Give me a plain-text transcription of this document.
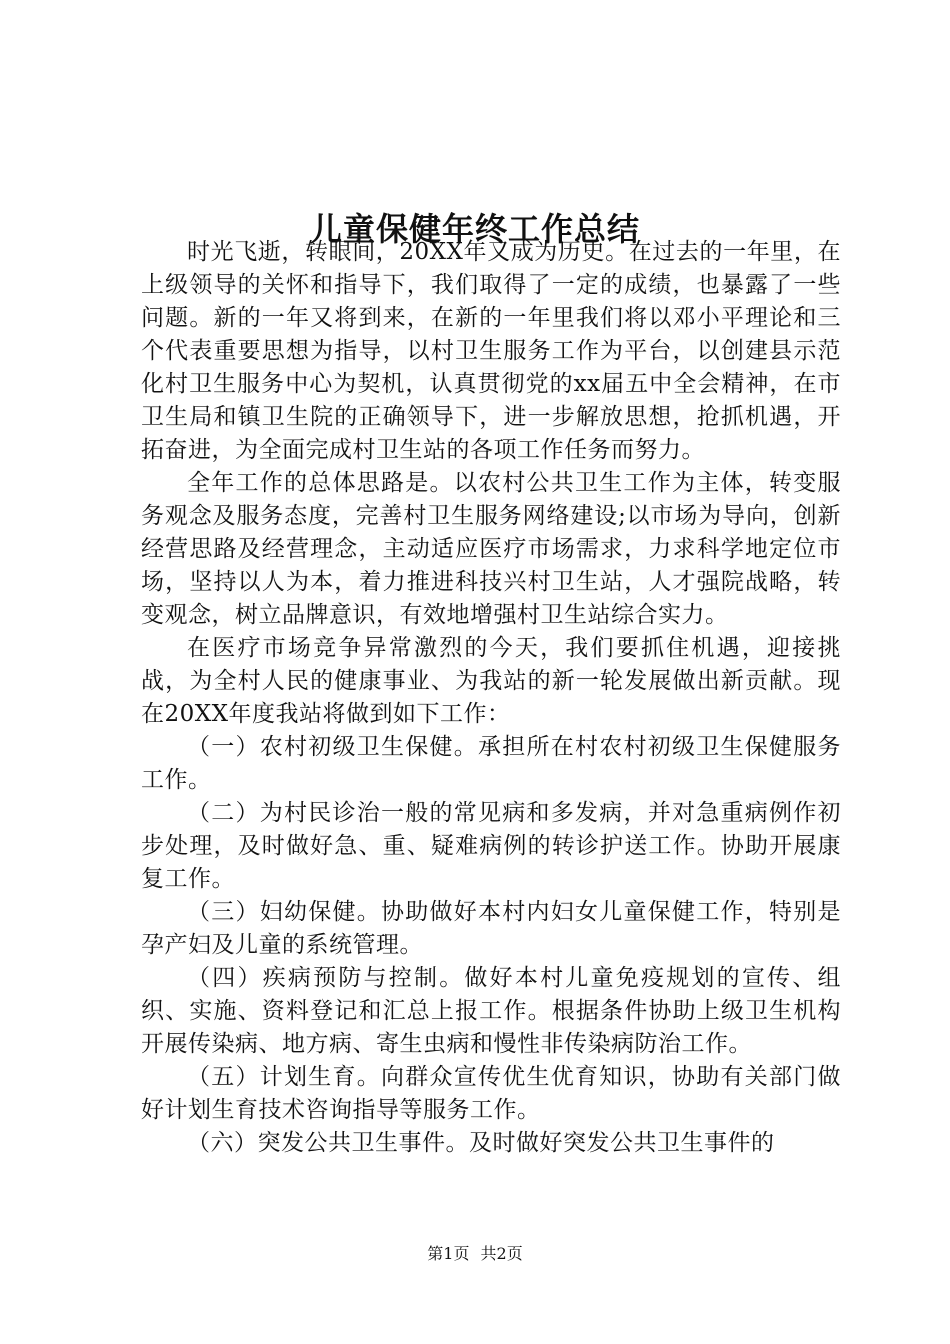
儿童保健年终工作总结

时光飞逝，转眼间，20XX年又成为历史。在过去的一年里，在上级领导的关怀和指导下，我们取得了一定的成绩，也暴露了一些问题。新的一年又将到来，在新的一年里我们将以邓小平理论和三个代表重要思想为指导，以村卫生服务工作为平台，以创建县示范化村卫生服务中心为契机，认真贯彻党的xx届五中全会精神，在市卫生局和镇卫生院的正确领导下，进一步解放思想，抢抓机遇，开拓奋进，为全面完成村卫生站的各项工作任务而努力。

全年工作的总体思路是。以农村公共卫生工作为主体，转变服务观念及服务态度，完善村卫生服务网络建设;以市场为导向，创新经营思路及经营理念，主动适应医疗市场需求，力求科学地定位市场，坚持以人为本，着力推进科技兴村卫生站，人才强院战略，转变观念，树立品牌意识，有效地增强村卫生站综合实力。

在医疗市场竞争异常激烈的今天，我们要抓住机遇，迎接挑战，为全村人民的健康事业、为我站的新一轮发展做出新贡献。现在20XX年度我站将做到如下工作：

（一）农村初级卫生保健。承担所在村农村初级卫生保健服务工作。

（二）为村民诊治一般的常见病和多发病，并对急重病例作初步处理，及时做好急、重、疑难病例的转诊护送工作。协助开展康复工作。

（三）妇幼保健。协助做好本村内妇女儿童保健工作，特别是孕产妇及儿童的系统管理。

（四）疾病预防与控制。做好本村儿童免疫规划的宣传、组织、实施、资料登记和汇总上报工作。根据条件协助上级卫生机构开展传染病、地方病、寄生虫病和慢性非传染病防治工作。

（五）计划生育。向群众宣传优生优育知识，协助有关部门做好计划生育技术咨询指导等服务工作。

（六）突发公共卫生事件。及时做好突发公共卫生事件的

第1页 共2页
